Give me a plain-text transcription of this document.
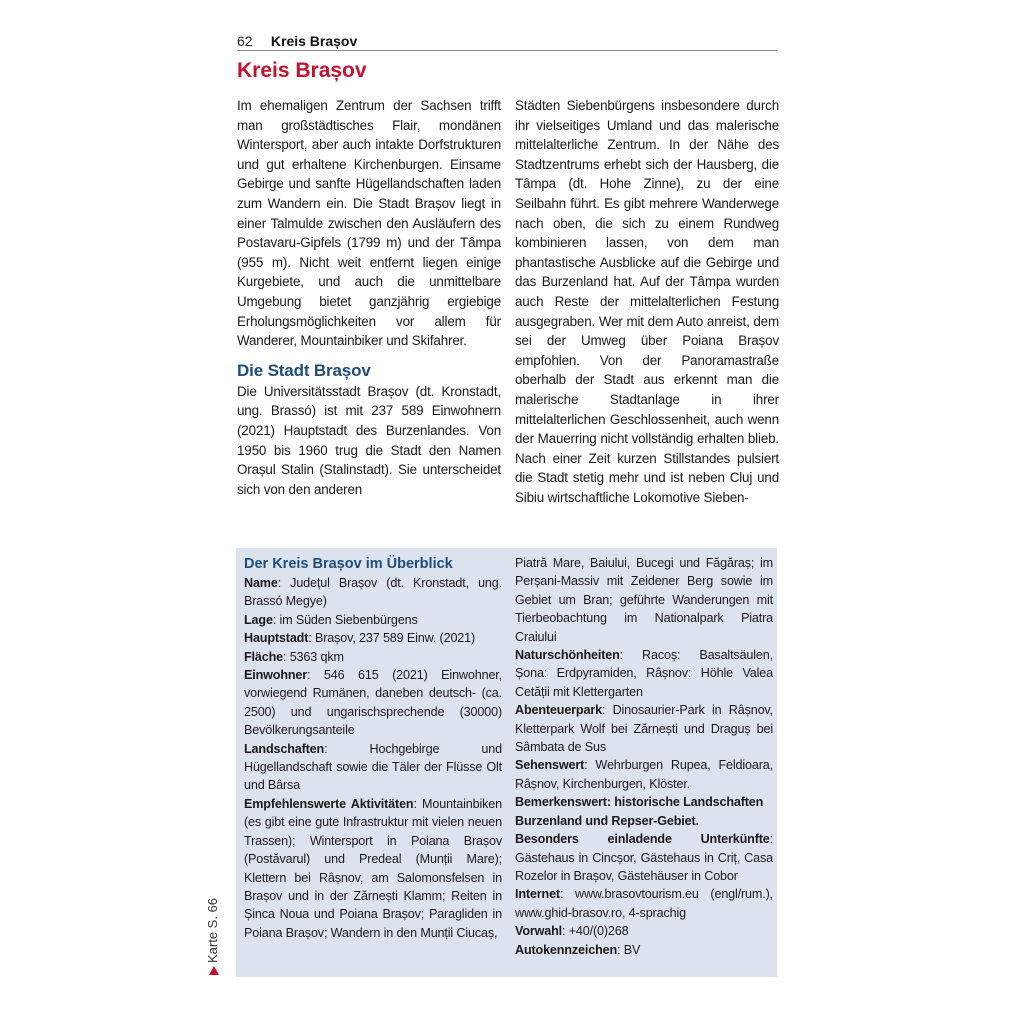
62 Kreis Brașov
Kreis Brașov

Im ehemaligen Zentrum der Sachsen trifft man großstädtisches Flair, mondänen Wintersport, aber auch intakte Dorfstrukturen und gut erhaltene Kirchenburgen. Einsame Gebirge und sanfte Hügellandschaften laden zum Wandern ein. Die Stadt Brașov liegt in einer Talmulde zwischen den Ausläufern des Postavaru-Gipfels (1799 m) und der Tâmpa (955 m). Nicht weit entfernt liegen einige Kurgebiete, und auch die unmittelbare Umgebung bietet ganzjährig ergiebige Erholungsmöglichkeiten vor allem für Wanderer, Mountainbiker und Skifahrer.

Die Stadt Brașov

Die Universitätsstadt Brașov (dt. Kronstadt, ung. Brassó) ist mit 237 589 Einwohnern (2021) Hauptstadt des Burzenlandes. Von 1950 bis 1960 trug die Stadt den Namen Orașul Stalin (Stalinstadt). Sie unterscheidet sich von den anderen

Städten Siebenbürgens insbesondere durch ihr vielseitiges Umland und das malerische mittelalterliche Zentrum. In der Nähe des Stadtzentrums erhebt sich der Hausberg, die Tâmpa (dt. Hohe Zinne), zu der eine Seilbahn führt. Es gibt mehrere Wanderwege nach oben, die sich zu einem Rundweg kombinieren lassen, von dem man phantastische Ausblicke auf die Gebirge und das Burzenland hat. Auf der Tâmpa wurden auch Reste der mittelalterlichen Festung ausgegraben. Wer mit dem Auto anreist, dem sei der Umweg über Poiana Brașov empfohlen. Von der Panoramastraße oberhalb der Stadt aus erkennt man die malerische Stadtanlage in ihrer mittelalterlichen Geschlossenheit, auch wenn der Mauerring nicht vollständig erhalten blieb. Nach einer Zeit kurzen Stillstandes pulsiert die Stadt stetig mehr und ist neben Cluj und Sibiu wirtschaftliche Lokomotive Sieben-

Der Kreis Brașov im Überblick

Name: Județul Brașov (dt. Kronstadt, ung. Brassó Megye)

Lage: im Süden Siebenbürgens

Hauptstadt: Brașov, 237 589 Einw. (2021)

Fläche: 5363 qkm

Einwohner: 546 615 (2021) Einwohner, vorwiegend Rumänen, daneben deutsch- (ca. 2500) und ungarischsprechende (30000) Bevölkerungsanteile

Landschaften: Hochgebirge und Hügellandschaft sowie die Täler der Flüsse Olt und Bârsa

Empfehlenswerte Aktivitäten: Mountainbiken (es gibt eine gute Infrastruktur mit vielen neuen Trassen); Wintersport in Poiana Brașov (Postăvarul) und Predeal (Munții Mare); Klettern bei Râșnov, am Salomonsfelsen in Brașov und in der Zărnești Klamm; Reiten in Șinca Noua und Poiana Brașov; Paragliden in Poiana Brașov; Wandern in den Munții Ciucaș,

Piatră Mare, Baiului, Bucegi und Făgăraș; im Perșani-Massiv mit Zeidener Berg sowie im Gebiet um Bran; geführte Wanderungen mit Tierbeobachtung im Nationalpark Piatra Craiului

Naturschönheiten: Racoș: Basaltsäulen, Șona: Erdpyramiden, Râșnov: Höhle Valea Cetății mit Klettergarten

Abenteuerpark: Dinosaurier-Park in Râșnov, Kletterpark Wolf bei Zărnești und Draguș bei Sâmbata de Sus

Sehenswert: Wehrburgen Rupea, Feldioara, Râșnov, Kirchenburgen, Klöster.

Bemerkenswert: historische Landschaften Burzenland und Repser-Gebiet.

Besonders einladende Unterkünfte: Gästehaus in Cincșor, Gästehaus in Criț, Casa Rozelor in Brașov, Gästehäuser in Cobor

Internet: www.brasovtourism.eu (engl/rum.), www.ghid-brasov.ro, 4-sprachig

Vorwahl: +40/(0)268

Autokennzeichen: BV

Karte S. 66
